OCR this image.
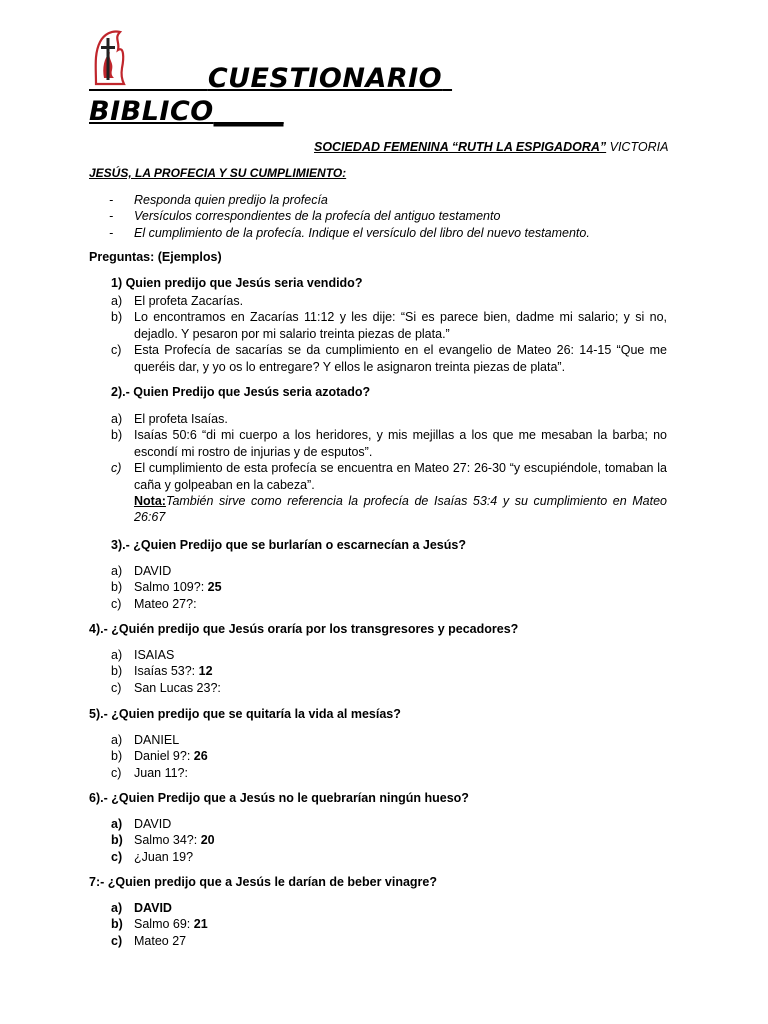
CUESTIONARIO
BIBLICO_____
SOCIEDAD FEMENINA “RUTH LA ESPIGADORA” VICTORIA
JESÚS, LA PROFECIA Y SU CUMPLIMIENTO:
- Responda quien predijo la profecía
- Versículos correspondientes de la profecía del antiguo testamento
- El cumplimiento de la profecía. Indique el versículo del libro del nuevo testamento.
Preguntas: (Ejemplos)
1) Quien predijo que Jesús seria vendido?
a) El profeta Zacarías.
b) Lo encontramos en Zacarías 11:12 y les dije: “Si es parece bien, dadme mi salario; y si no, dejadlo. Y pesaron por mi salario treinta piezas de plata.”
c) Esta Profecía de sacarías se da cumplimiento en el evangelio de Mateo 26: 14-15 “Que me queréis dar, y yo os lo entregare? Y ellos le asignaron treinta piezas de plata”.
2).- Quien Predijo que Jesús seria azotado?
a) El profeta Isaías.
b) Isaías 50:6 “di mi cuerpo a los heridores, y mis mejillas a los que me mesaban la barba; no escondí mi rostro de injurias y de esputos”.
c) El cumplimiento de esta profecía se encuentra en Mateo 27: 26-30 “y escupiéndole, tomaban la caña y golpeaban en la cabeza”.
Nota:También sirve como referencia la profecía de Isaías 53:4 y su cumplimiento en Mateo 26:67
3).- ¿Quien Predijo que se burlarían o escarnecían a Jesús?
a) DAVID
b) Salmo 109?: 25
c) Mateo 27?:
4).- ¿Quién predijo que Jesús oraría por los transgresores y pecadores?
a) ISAIAS
b) Isaías 53?: 12
c) San Lucas 23?:
5).- ¿Quien predijo que se quitaría la vida al mesías?
a) DANIEL
b) Daniel 9?: 26
c) Juan 11?:
6).- ¿Quien Predijo que a Jesús no le quebrarían ningún hueso?
a) DAVID
b) Salmo 34?: 20
c) ¿Juan 19?
7:- ¿Quien predijo que a Jesús le darían de beber vinagre?
a) DAVID
b) Salmo 69: 21
c) Mateo 27
